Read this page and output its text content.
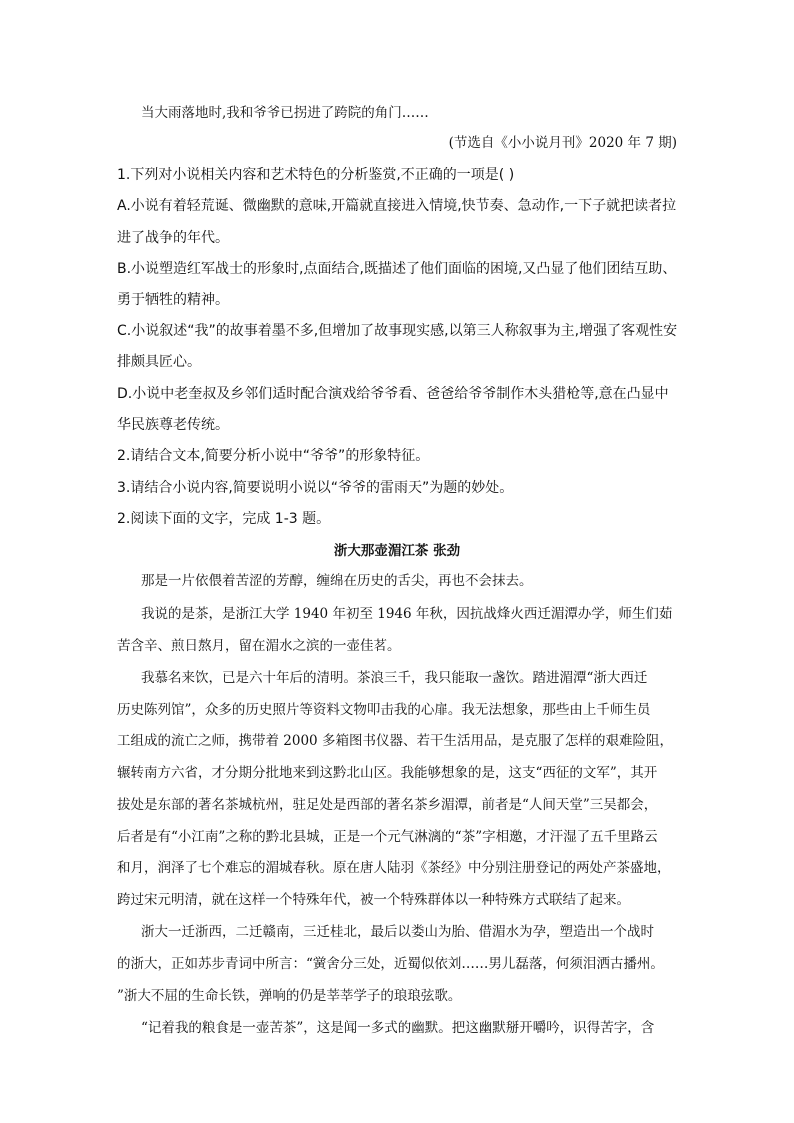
当大雨落地时,我和爷爷已拐进了跨院的角门……
(节选自《小小说月刊》2020 年 7 期)
1.下列对小说相关内容和艺术特色的分析鉴赏,不正确的一项是( )
A.小说有着轻荒诞、微幽默的意味,开篇就直接进入情境,快节奏、急动作,一下子就把读者拉
进了战争的年代。
B.小说塑造红军战士的形象时,点面结合,既描述了他们面临的困境,又凸显了他们团结互助、
勇于牺牲的精神。
C.小说叙述“我”的故事着墨不多,但增加了故事现实感,以第三人称叙事为主,增强了客观性安
排颇具匠心。
D.小说中老奎叔及乡邻们适时配合演戏给爷爷看、爸爸给爷爷制作木头猎枪等,意在凸显中
华民族尊老传统。
2.请结合文本,简要分析小说中“爷爷”的形象特征。
3.请结合小说内容,简要说明小说以“爷爷的雷雨天”为题的妙处。
2.阅读下面的文字，完成 1-3 题。
浙大那壶湄江茶 张劲
那是一片依偎着苦涩的芳醇，缠绵在历史的舌尖，再也不会抹去。
我说的是茶，是浙江大学 1940 年初至 1946 年秋，因抗战烽火西迁湄潭办学，师生们茹
苦含辛、煎日熬月，留在湄水之滨的一壶佳茗。
我慕名来饮，已是六十年后的清明。茶浪三千，我只能取一盏饮。踏进湄潭“浙大西迁
历史陈列馆”，众多的历史照片等资料文物叩击我的心扉。我无法想象，那些由上千师生员
工组成的流亡之师，携带着 2000 多箱图书仪器、若干生活用品，是克服了怎样的艰难险阻，
辗转南方六省，才分期分批地来到这黔北山区。我能够想象的是，这支“西征的文军”，其开
拔处是东部的著名茶城杭州，驻足处是西部的著名茶乡湄潭，前者是“人间天堂”三吴都会，
后者是有“小江南”之称的黔北县城，正是一个元气淋漓的“茶”字相邀，才汗湿了五千里路云
和月，润泽了七个难忘的湄城春秋。原在唐人陆羽《茶经》中分别注册登记的两处产茶盛地，
跨过宋元明清，就在这样一个特殊年代，被一个特殊群体以一种特殊方式联结了起来。
浙大一迁浙西，二迁赣南，三迁桂北，最后以娄山为胎、借湄水为孕，塑造出一个战时
的浙大，正如苏步青词中所言：“黉舍分三处，近蜀似依刘……男儿磊落，何须泪洒古播州。
”浙大不屈的生命长铁，弹响的仍是莘莘学子的琅琅弦歌。
“记着我的粮食是一壶苦茶”，这是闻一多式的幽默。把这幽默掰开嚼吟，识得苦字，含
